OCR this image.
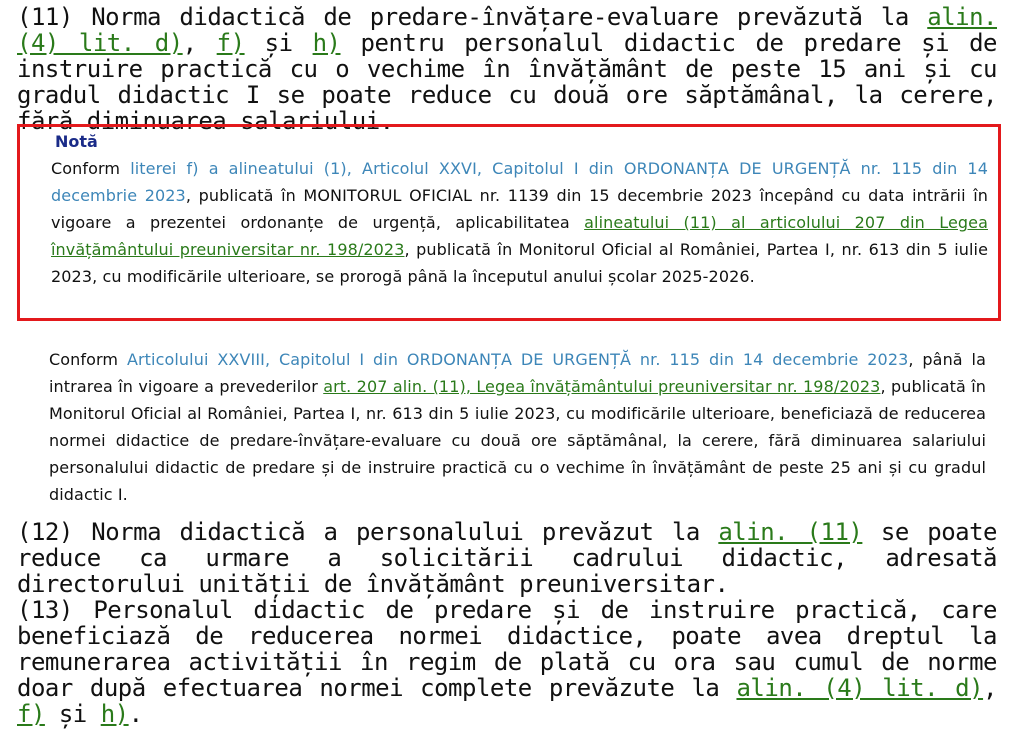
(11) Norma didactică de predare-învățare-evaluare prevăzută la alin. (4) lit. d), f) și h) pentru personalul didactic de predare și de instruire practică cu o vechime în învățământ de peste 15 ani și cu gradul didactic I se poate reduce cu două ore săptămânal, la cerere, fără diminuarea salariului.

Notă

Conform literei f) a alineatului (1), Articolul XXVI, Capitolul I din ORDONANȚA DE URGENȚĂ nr. 115 din 14 decembrie 2023, publicată în MONITORUL OFICIAL nr. 1139 din 15 decembrie 2023 începând cu data intrării în vigoare a prezentei ordonanțe de urgență, aplicabilitatea alineatului (11) al articolului 207 din Legea învățământului preuniversitar nr. 198/2023, publicată în Monitorul Oficial al României, Partea I, nr. 613 din 5 iulie 2023, cu modificările ulterioare, se prorogă până la începutul anului școlar 2025-2026.

Conform Articolului XXVIII, Capitolul I din ORDONANȚA DE URGENȚĂ nr. 115 din 14 decembrie 2023, până la intrarea în vigoare a prevederilor art. 207 alin. (11), Legea învățământului preuniversitar nr. 198/2023, publicată în Monitorul Oficial al României, Partea I, nr. 613 din 5 iulie 2023, cu modificările ulterioare, beneficiază de reducerea normei didactice de predare-învățare-evaluare cu două ore săptămânal, la cerere, fără diminuarea salariului personalului didactic de predare și de instruire practică cu o vechime în învățământ de peste 25 ani și cu gradul didactic I.

(12) Norma didactică a personalului prevăzut la alin. (11) se poate reduce ca urmare a solicitării cadrului didactic, adresată directorului unității de învățământ preuniversitar.

(13) Personalul didactic de predare și de instruire practică, care beneficiază de reducerea normei didactice, poate avea dreptul la remunerarea activității în regim de plată cu ora sau cumul de norme doar după efectuarea normei complete prevăzute la alin. (4) lit. d), f) și h).
